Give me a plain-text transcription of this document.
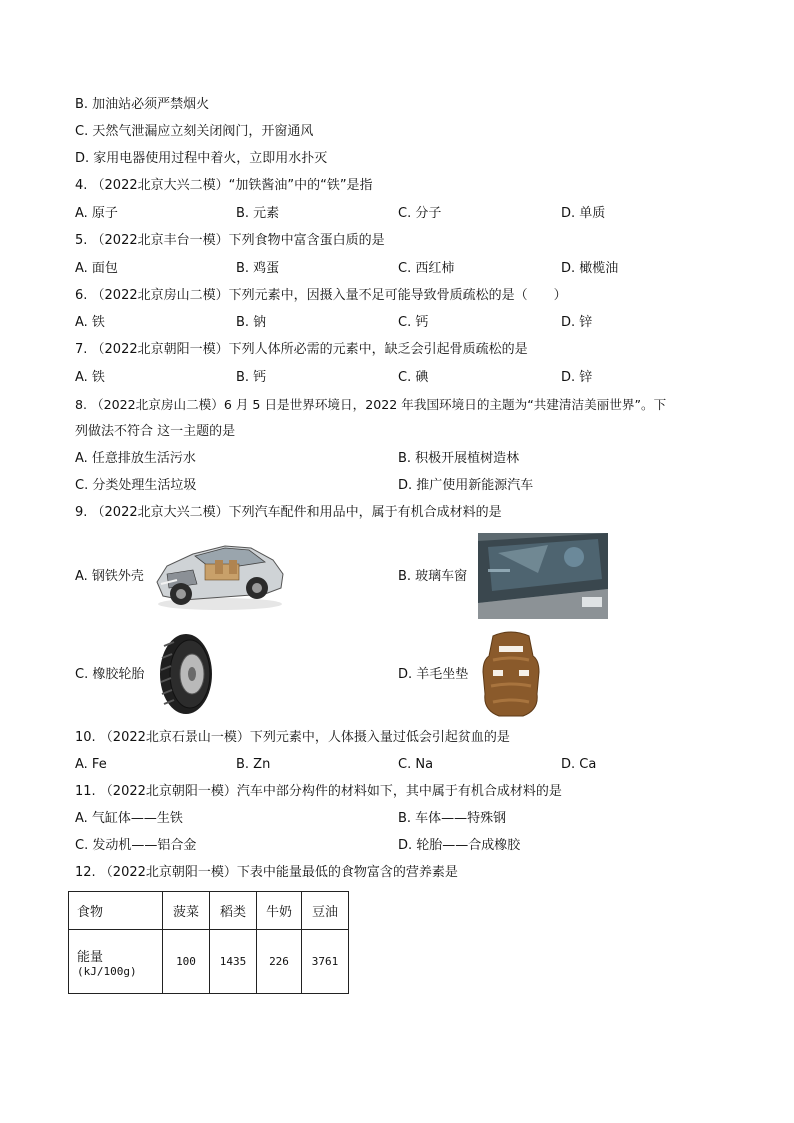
B. 加油站必须严禁烟火
C. 天然气泄漏应立刻关闭阀门，开窗通风
D. 家用电器使用过程中着火，立即用水扑灭
4. （2022北京大兴二模）“加铁酱油”中的“铁”是指
A. 原子	B. 元素	C. 分子	D. 单质
5. （2022北京丰台一模）下列食物中富含蛋白质的是
A. 面包	B. 鸡蛋	C. 西红柿	D. 橄榄油
6. （2022北京房山二模）下列元素中，因摄入量不足可能导致骨质疏松的是（　　）
A. 铁	B. 钠	C. 钙	D. 锌
7. （2022北京朝阳一模）下列人体所必需的元素中，缺乏会引起骨质疏松的是
A. 铁	B. 钙	C. 碘	D. 锌
8. （2022北京房山二模）6 月 5 日是世界环境日，2022 年我国环境日的主题为“共建清洁美丽世界”。下
列做法不符合 这一主题的是
A. 任意排放生活污水	B. 积极开展植树造林
C. 分类处理生活垃圾	D. 推广使用新能源汽车
9. （2022北京大兴二模）下列汽车配件和用品中，属于有机合成材料的是
A. 钢铁外壳	B. 玻璃车窗
C. 橡胶轮胎	D. 羊毛坐垫
10. （2022北京石景山一模）下列元素中，人体摄入量过低会引起贫血的是
A. Fe	B. Zn	C. Na	D. Ca
11. （2022北京朝阳一模）汽车中部分构件的材料如下，其中属于有机合成材料的是
A. 气缸体——生铁	B. 车体——特殊钢
C. 发动机——铝合金	D. 轮胎——合成橡胶
12. （2022北京朝阳一模）下表中能量最低的食物富含的营养素是
食物	菠菜	稻类	牛奶	豆油

能量
(kJ/100g)	100	1435	226	3761
